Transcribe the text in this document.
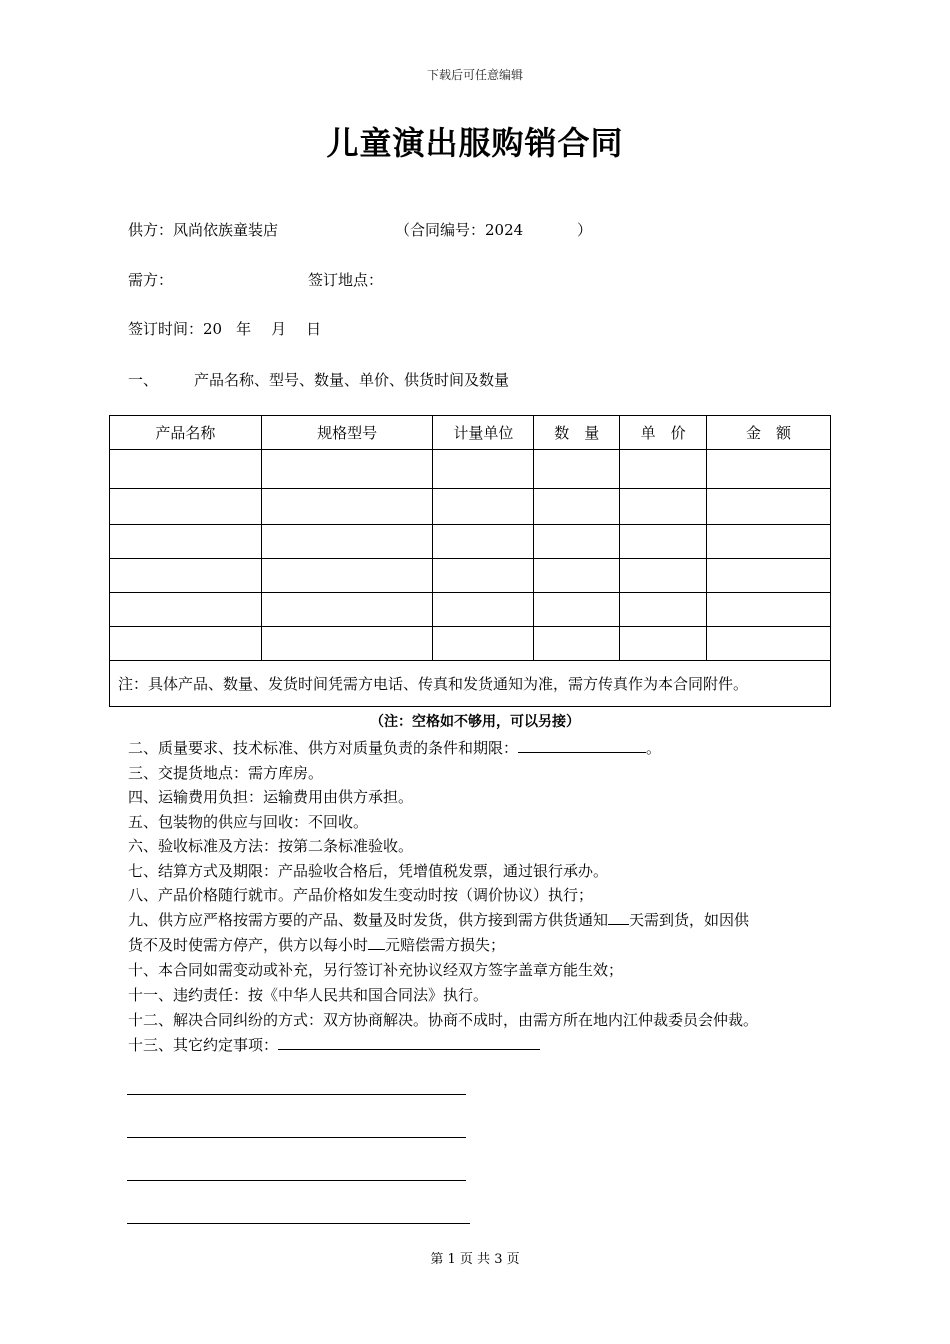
下载后可任意编辑
儿童演出服购销合同
供方：风尚依族童装店	（合同编号：2024	）
需方：	签订地点：
签订时间：20 年 月 日
一、 产品名称、型号、数量、单价、供货时间及数量
产品名称	规格型号	计量单位	数　量	单　价	金　额

注：具体产品、数量、发货时间凭需方电话、传真和发货通知为准，需方传真作为本合同附件。					
（注：空格如不够用，可以另接）
二、质量要求、技术标准、供方对质量负责的条件和期限：	。
三、交提货地点：需方库房。
四、运输费用负担：运输费用由供方承担。
五、包装物的供应与回收：不回收。
六、验收标准及方法：按第二条标准验收。
七、结算方式及期限：产品验收合格后，凭增值税发票，通过银行承办。
八、产品价格随行就市。产品价格如发生变动时按（调价协议）执行；
九、供方应严格按需方要的产品、数量及时发货，供方接到需方供货通知 天需到货，如因供
货不及时使需方停产，供方以每小时 元赔偿需方损失；
十、本合同如需变动或补充，另行签订补充协议经双方签字盖章方能生效；
十一、违约责任：按《中华人民共和国合同法》执行。
十二、解决合同纠纷的方式：双方协商解决。协商不成时，由需方所在地内江仲裁委员会仲裁。
十三、其它约定事项：
第 1 页 共 3 页
